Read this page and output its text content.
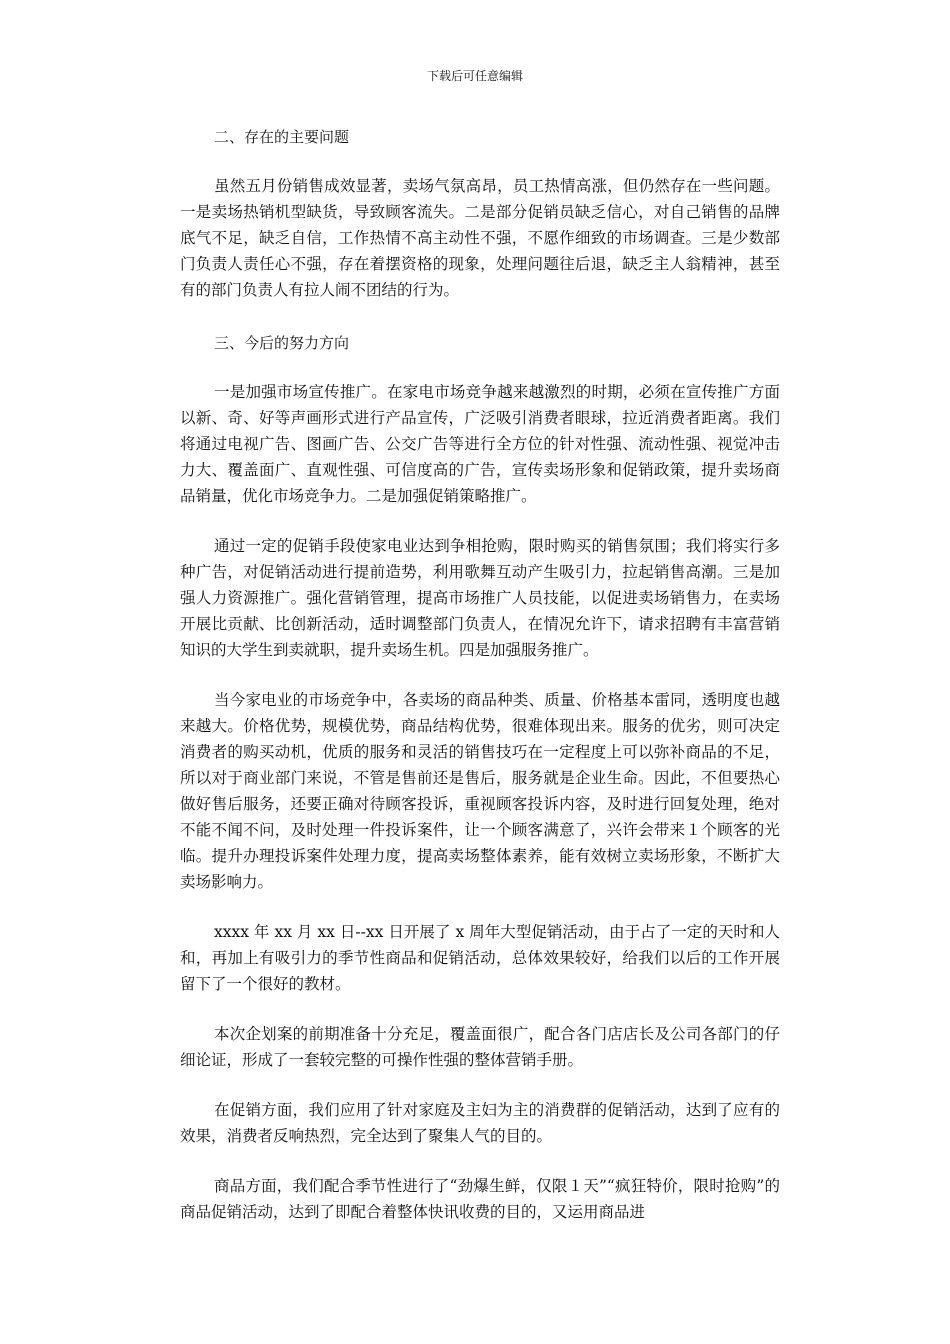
下载后可任意编辑

二、存在的主要问题

虽然五月份销售成效显著，卖场气氛高昂，员工热情高涨，但仍然存在一些问题。一是卖场热销机型缺货，导致顾客流失。二是部分促销员缺乏信心，对自己销售的品牌底气不足，缺乏自信，工作热情不高主动性不强，不愿作细致的市场调查。三是少数部门负责人责任心不强，存在着摆资格的现象，处理问题往后退，缺乏主人翁精神，甚至有的部门负责人有拉人闹不团结的行为。

三、今后的努力方向

一是加强市场宣传推广。在家电市场竞争越来越激烈的时期，必须在宣传推广方面以新、奇、好等声画形式进行产品宣传，广泛吸引消费者眼球，拉近消费者距离。我们将通过电视广告、图画广告、公交广告等进行全方位的针对性强、流动性强、视觉冲击力大、覆盖面广、直观性强、可信度高的广告，宣传卖场形象和促销政策，提升卖场商品销量，优化市场竞争力。二是加强促销策略推广。

通过一定的促销手段使家电业达到争相抢购，限时购买的销售氛围；我们将实行多种广告，对促销活动进行提前造势，利用歌舞互动产生吸引力，拉起销售高潮。三是加强人力资源推广。强化营销管理，提高市场推广人员技能，以促进卖场销售力，在卖场开展比贡献、比创新活动，适时调整部门负责人，在情况允许下，请求招聘有丰富营销知识的大学生到卖就职，提升卖场生机。四是加强服务推广。

当今家电业的市场竞争中，各卖场的商品种类、质量、价格基本雷同，透明度也越来越大。价格优势，规模优势，商品结构优势，很难体现出来。服务的优劣，则可决定消费者的购买动机，优质的服务和灵活的销售技巧在一定程度上可以弥补商品的不足，所以对于商业部门来说，不管是售前还是售后，服务就是企业生命。因此，不但要热心做好售后服务，还要正确对待顾客投诉，重视顾客投诉内容，及时进行回复处理，绝对不能不闻不问，及时处理一件投诉案件，让一个顾客满意了，兴许会带来１个顾客的光临。提升办理投诉案件处理力度，提高卖场整体素养，能有效树立卖场形象，不断扩大卖场影响力。

xxxx 年 xx 月 xx 日--xx 日开展了 x 周年大型促销活动，由于占了一定的天时和人和，再加上有吸引力的季节性商品和促销活动，总体效果较好，给我们以后的工作开展留下了一个很好的教材。

本次企划案的前期准备十分充足，覆盖面很广，配合各门店店长及公司各部门的仔细论证，形成了一套较完整的可操作性强的整体营销手册。

在促销方面，我们应用了针对家庭及主妇为主的消费群的促销活动，达到了应有的效果，消费者反响热烈，完全达到了聚集人气的目的。

商品方面，我们配合季节性进行了“劲爆生鲜，仅限１天”“疯狂特价，限时抢购”的商品促销活动，达到了即配合着整体快讯收费的目的，又运用商品进
